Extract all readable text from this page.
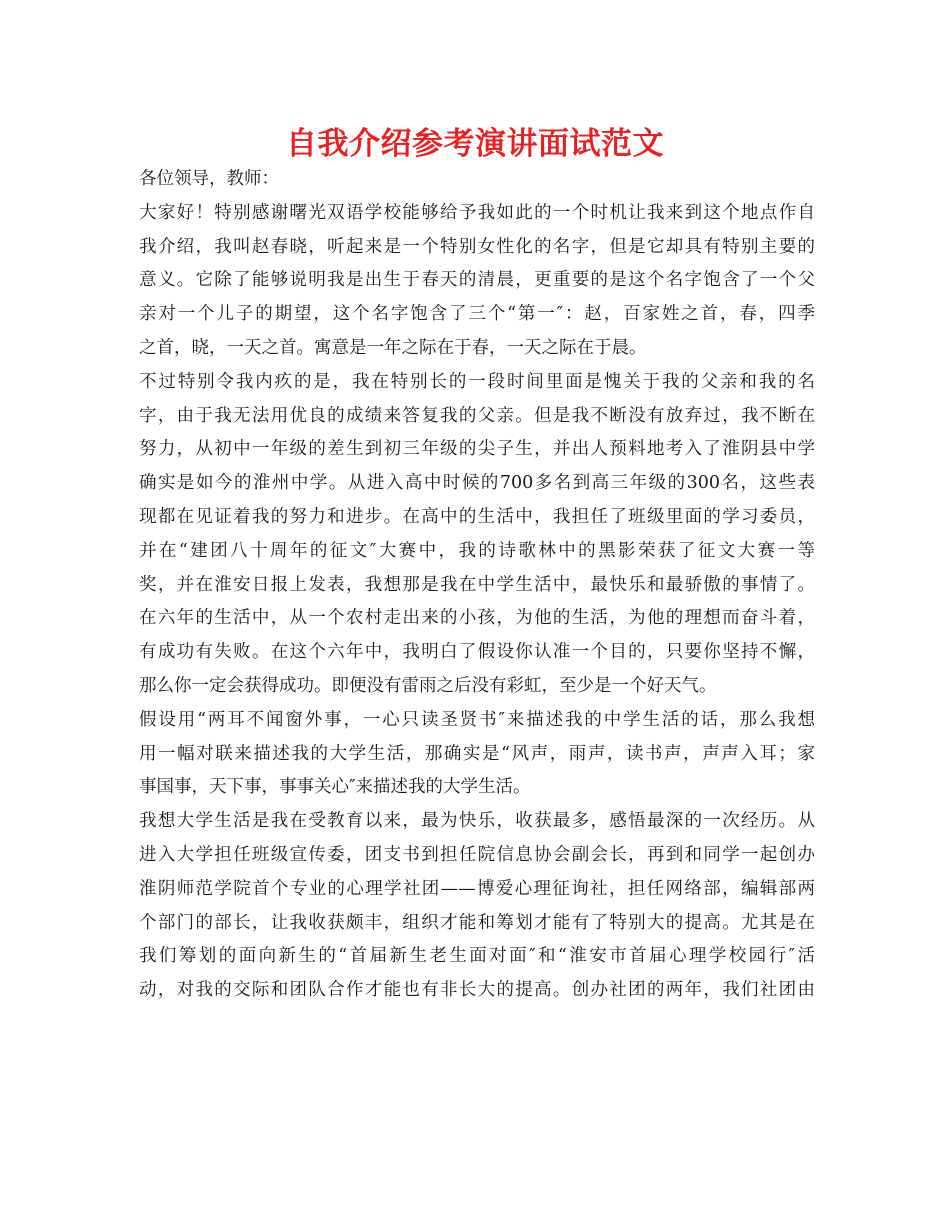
自我介绍参考演讲面试范文
各位领导，教师：
大家好！特别感谢曙光双语学校能够给予我如此的一个时机让我来到这个地点作自
我介绍，我叫赵春晓，听起来是一个特别女性化的名字，但是它却具有特别主要的
意义。它除了能够说明我是出生于春天的清晨，更重要的是这个名字饱含了一个父
亲对一个儿子的期望，这个名字饱含了三个“第一″：赵，百家姓之首，春，四季
之首，晓，一天之首。寓意是一年之际在于春，一天之际在于晨。
不过特别令我内疚的是，我在特别长的一段时间里面是愧关于我的父亲和我的名
字，由于我无法用优良的成绩来答复我的父亲。但是我不断没有放弃过，我不断在
努力，从初中一年级的差生到初三年级的尖子生，并出人预料地考入了淮阴县中学
确实是如今的淮州中学。从进入高中时候的700多名到高三年级的300名，这些表
现都在见证着我的努力和进步。在高中的生活中，我担任了班级里面的学习委员，
并在“建团八十周年的征文″大赛中，我的诗歌林中的黑影荣获了征文大赛一等
奖，并在淮安日报上发表，我想那是我在中学生活中，最快乐和最骄傲的事情了。
在六年的生活中，从一个农村走出来的小孩，为他的生活，为他的理想而奋斗着，
有成功有失败。在这个六年中，我明白了假设你认准一个目的，只要你坚持不懈，
那么你一定会获得成功。即便没有雷雨之后没有彩虹，至少是一个好天气。
假设用“两耳不闻窗外事，一心只读圣贤书″来描述我的中学生活的话，那么我想
用一幅对联来描述我的大学生活，那确实是“风声，雨声，读书声，声声入耳；家
事国事，天下事，事事关心″来描述我的大学生活。
我想大学生活是我在受教育以来，最为快乐，收获最多，感悟最深的一次经历。从
进入大学担任班级宣传委，团支书到担任院信息协会副会长，再到和同学一起创办
淮阴师范学院首个专业的心理学社团——博爱心理征询社，担任网络部，编辑部两
个部门的部长，让我收获颇丰，组织才能和筹划才能有了特别大的提高。尤其是在
我们筹划的面向新生的“首届新生老生面对面″和“淮安市首届心理学校园行″活
动，对我的交际和团队合作才能也有非长大的提高。创办社团的两年，我们社团由
